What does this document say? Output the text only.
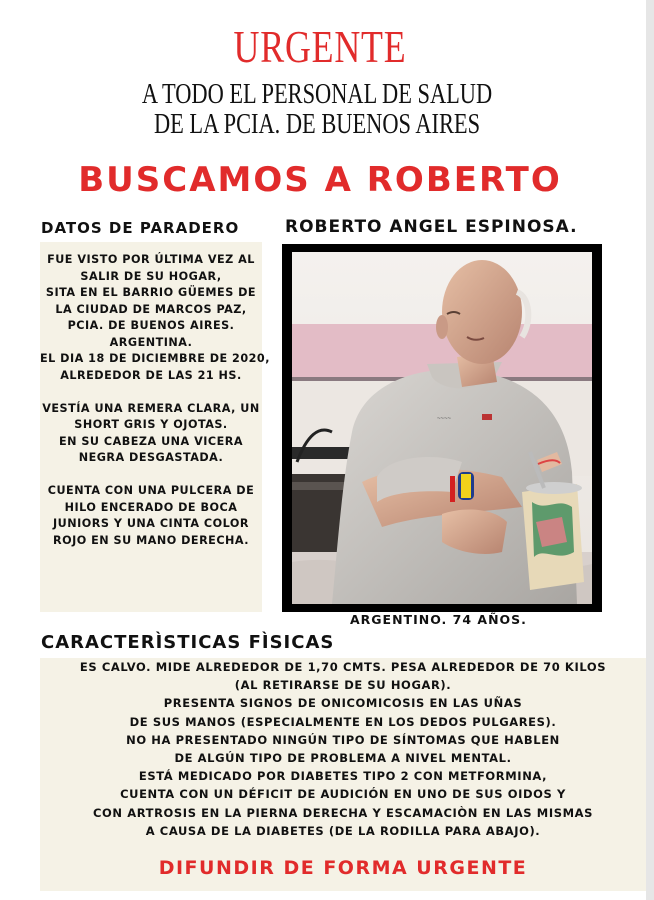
URGENTE
A TODO EL PERSONAL DE SALUD
DE LA PCIA. DE BUENOS AIRES
BUSCAMOS A ROBERTO
DATOS DE PARADERO	ROBERTO ANGEL ESPINOSA.
FUE VISTO POR ÚLTIMA VEZ AL
SALIR DE SU HOGAR,
SITA EN EL BARRIO GÜEMES DE
LA CIUDAD DE MARCOS PAZ,
PCIA. DE BUENOS AIRES.
ARGENTINA.
EL DIA 18 DE DICIEMBRE DE 2020,
ALREDEDOR DE LAS 21 HS.
VESTÍA UNA REMERA CLARA, UN
SHORT GRIS Y OJOTAS.
EN SU CABEZA UNA VICERA
NEGRA DESGASTADA.
CUENTA CON UNA PULCERA DE
HILO ENCERADO DE BOCA
JUNIORS Y UNA CINTA COLOR
ROJO EN SU MANO DERECHA.
~~~~
ARGENTINO. 74 AÑOS.
CARACTERÌSTICAS FÌSICAS
ES CALVO. MIDE ALREDEDOR DE 1,70 CMTS. PESA ALREDEDOR DE 70 KILOS
(AL RETIRARSE DE SU HOGAR).
PRESENTA SIGNOS DE ONICOMICOSIS EN LAS UÑAS
DE SUS MANOS (ESPECIALMENTE EN LOS DEDOS PULGARES).
NO HA PRESENTADO NINGÚN TIPO DE SÍNTOMAS QUE HABLEN
DE ALGÚN TIPO DE PROBLEMA A NIVEL MENTAL.
ESTÁ MEDICADO POR DIABETES TIPO 2 CON METFORMINA,
CUENTA CON UN DÉFICIT DE AUDICIÓN EN UNO DE SUS OIDOS Y
CON ARTROSIS EN LA PIERNA DERECHA Y ESCAMACIÒN EN LAS MISMAS
A CAUSA DE LA DIABETES (DE LA RODILLA PARA ABAJO).
DIFUNDIR DE FORMA URGENTE
